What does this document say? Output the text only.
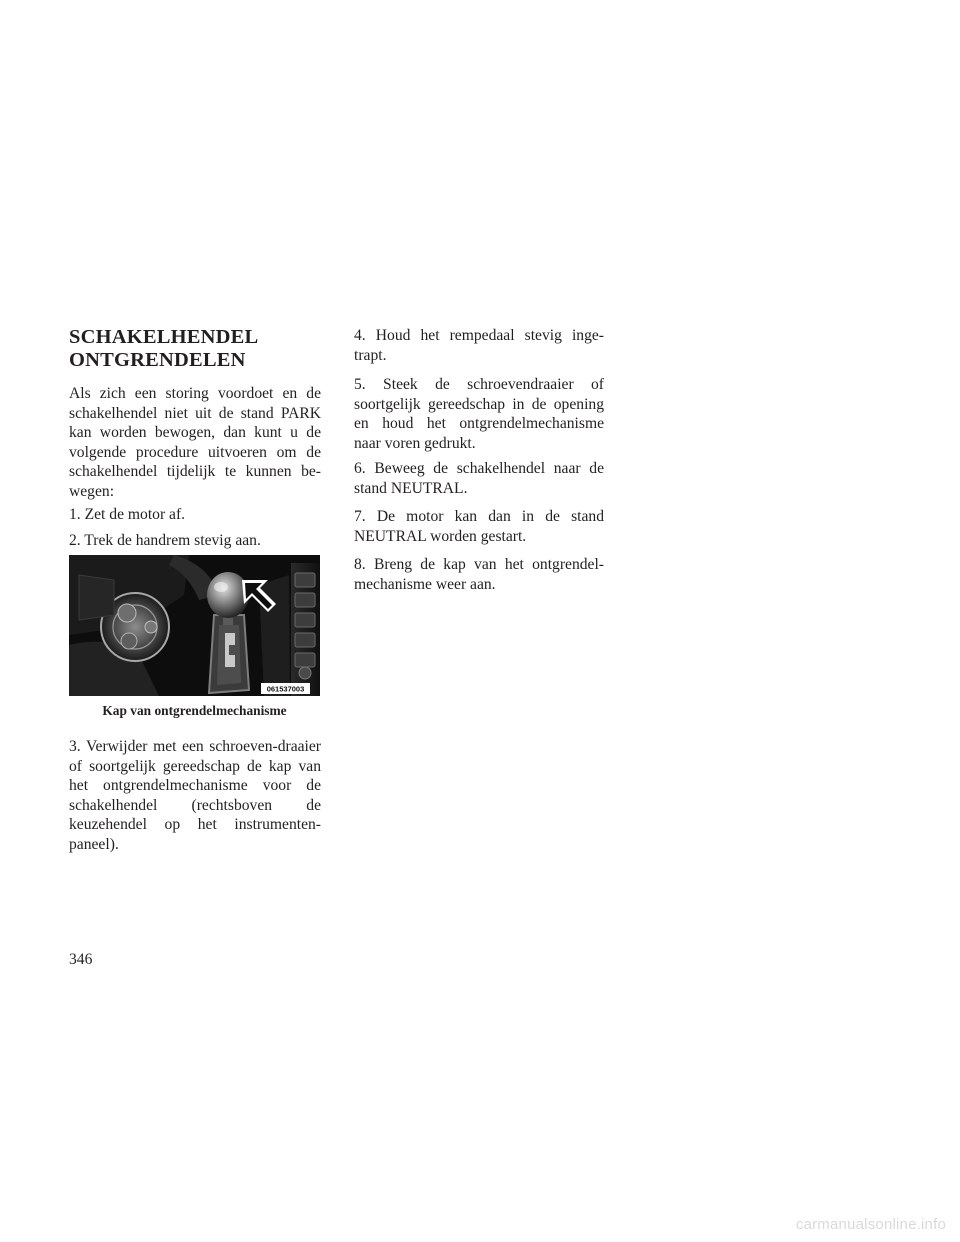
SCHAKELHENDEL
ONTGRENDELEN

Als zich een storing voordoet en de schakelhendel niet uit de stand PARK kan worden bewogen, dan kunt u de volgende procedure uitvoeren om de schakelhendel tijdelijk te kunnen be-wegen:

1. Zet de motor af.

2. Trek de handrem stevig aan.

061537003

Kap van ontgrendelmechanisme

3. Verwijder met een schroeven-draaier of soortgelijk gereedschap de kap van het ontgrendelmechanisme voor de schakelhendel (rechtsboven de keuzehendel op het instrumenten-paneel).

4. Houd het rempedaal stevig inge-trapt.

5. Steek de schroevendraaier of soortgelijk gereedschap in de opening en houd het ontgrendelmechanisme naar voren gedrukt.

6. Beweeg de schakelhendel naar de stand NEUTRAL.

7. De motor kan dan in de stand NEUTRAL worden gestart.

8. Breng de kap van het ontgrendel-mechanisme weer aan.

346

carmanualsonline.info
